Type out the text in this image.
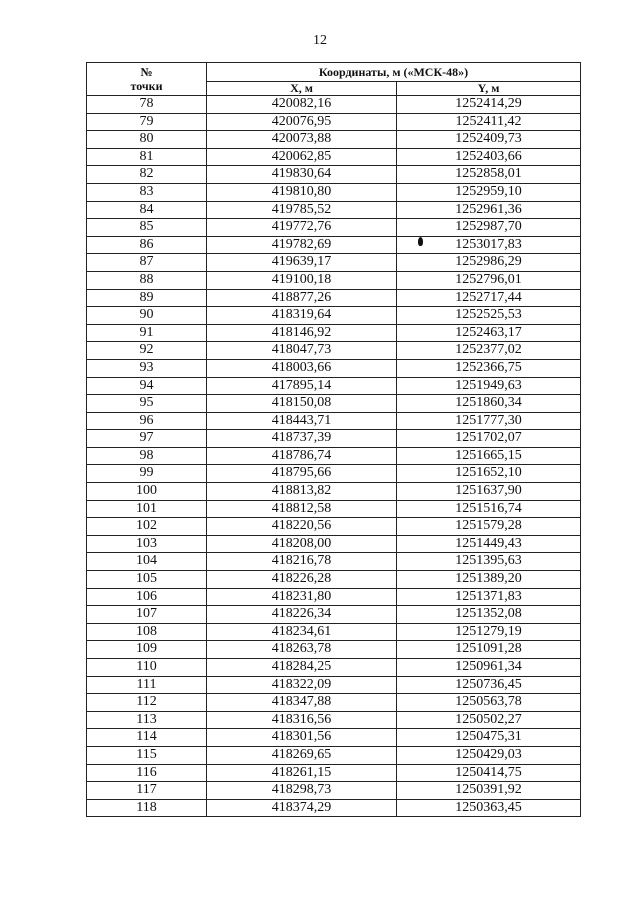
12
№
точки	Координаты, м («МСК-48»)	
	X, м	Y, м
78	420082,16	1252414,29
79	420076,95	1252411,42
80	420073,88	1252409,73
81	420062,85	1252403,66
82	419830,64	1252858,01
83	419810,80	1252959,10
84	419785,52	1252961,36
85	419772,76	1252987,70
86	419782,69	1253017,83
87	419639,17	1252986,29
88	419100,18	1252796,01
89	418877,26	1252717,44
90	418319,64	1252525,53
91	418146,92	1252463,17
92	418047,73	1252377,02
93	418003,66	1252366,75
94	417895,14	1251949,63
95	418150,08	1251860,34
96	418443,71	1251777,30
97	418737,39	1251702,07
98	418786,74	1251665,15
99	418795,66	1251652,10
100	418813,82	1251637,90
101	418812,58	1251516,74
102	418220,56	1251579,28
103	418208,00	1251449,43
104	418216,78	1251395,63
105	418226,28	1251389,20
106	418231,80	1251371,83
107	418226,34	1251352,08
108	418234,61	1251279,19
109	418263,78	1251091,28
110	418284,25	1250961,34
111	418322,09	1250736,45
112	418347,88	1250563,78
113	418316,56	1250502,27
114	418301,56	1250475,31
115	418269,65	1250429,03
116	418261,15	1250414,75
117	418298,73	1250391,92
118	418374,29	1250363,45
